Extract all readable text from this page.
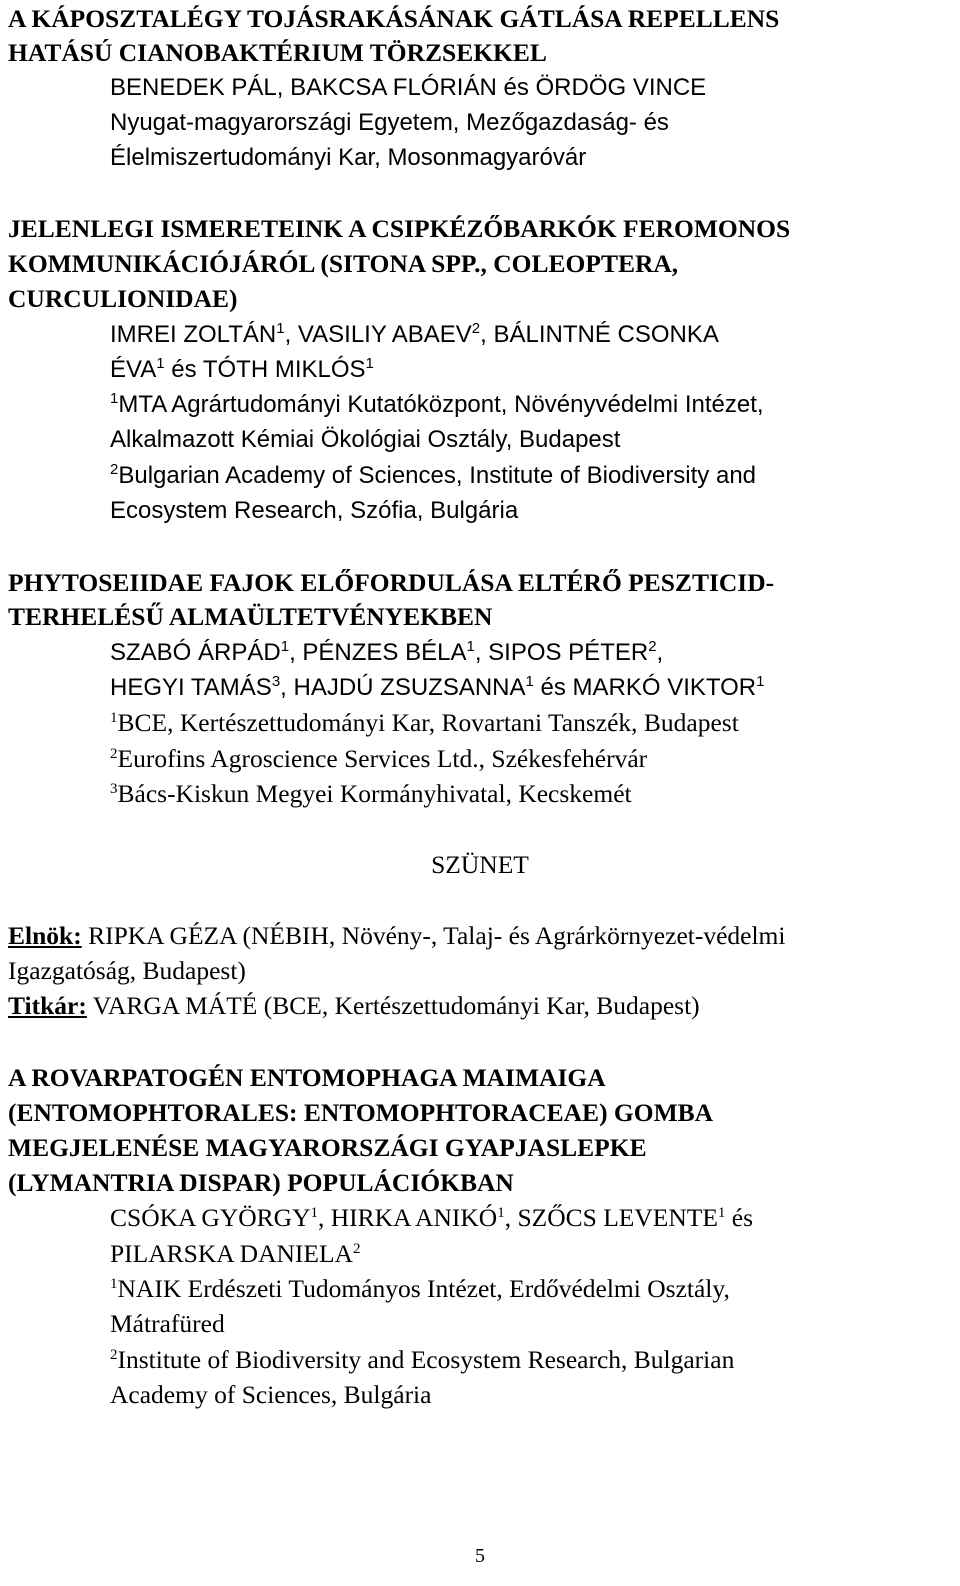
A KÁPOSZTALÉGY TOJÁSRAKÁSÁNAK GÁTLÁSA REPELLENS
HATÁSÚ CIANOBAKTÉRIUM TÖRZSEKKEL
BENEDEK PÁL, BAKCSA FLÓRIÁN és ÖRDÖG VINCE
Nyugat-magyarországi Egyetem, Mezőgazdaság- és
Élelmiszertudományi Kar, Mosonmagyaróvár
JELENLEGI ISMERETEINK A CSIPKÉZŐBARKÓK FEROMONOS
KOMMUNIKÁCIÓJÁRÓL (SITONA SPP., COLEOPTERA,
CURCULIONIDAE)
IMREI ZOLTÁN$^1$, VASILIY ABAEV$^2$, BÁLINTNÉ CSONKA
ÉVA$^1$ és TÓTH MIKLÓS$^1$
$^1$MTA Agrártudományi Kutatóközpont, Növényvédelmi Intézet,
Alkalmazott Kémiai Ökológiai Osztály, Budapest
$^2$Bulgarian Academy of Sciences, Institute of Biodiversity and
Ecosystem Research, Szófia, Bulgária
PHYTOSEIIDAE FAJOK ELŐFORDULÁSA ELTÉRŐ PESZTICID-
TERHELÉSŰ ALMAÜLTETVÉNYEKBEN
SZABÓ ÁRPÁD$^1$, PÉNZES BÉLA$^1$, SIPOS PÉTER$^2$,
HEGYI TAMÁS$^3$, HAJDÚ ZSUZSANNA$^1$ és MARKÓ VIKTOR$^1$
$^1$BCE, Kertészettudományi Kar, Rovartani Tanszék, Budapest
$^2$Eurofins Agroscience Services Ltd., Székesfehérvár
$^3$Bács-Kiskun Megyei Kormányhivatal, Kecskemét
SZÜNET
Elnök: RIPKA GÉZA (NÉBIH, Növény-, Talaj- és Agrárkörnyezet-védelmi
Igazgatóság, Budapest)
Titkár: VARGA MÁTÉ (BCE, Kertészettudományi Kar, Budapest)
A ROVARPATOGÉN ENTOMOPHAGA MAIMAIGA
(ENTOMOPHTORALES: ENTOMOPHTORACEAE) GOMBA
MEGJELENÉSE MAGYARORSZÁGI GYAPJASLEPKE
(LYMANTRIA DISPAR) POPULÁCIÓKBAN
CSÓKA GYÖRGY$^1$, HIRKA ANIKÓ$^1$, SZŐCS LEVENTE$^1$ és
PILARSKA DANIELA$^2$
$^1$NAIK Erdészeti Tudományos Intézet, Erdővédelmi Osztály,
Mátrafüred
$^2$Institute of Biodiversity and Ecosystem Research, Bulgarian
Academy of Sciences, Bulgária
5
